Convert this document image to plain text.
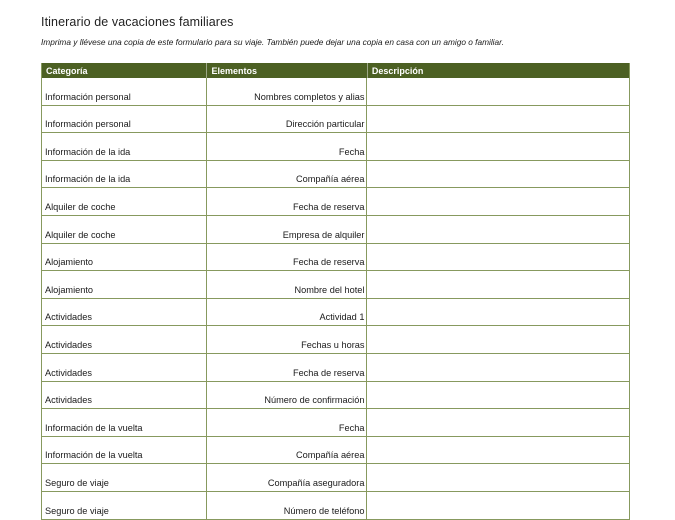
Itinerario de vacaciones familiares
Imprima y llévese una copia de este formulario para su viaje. También puede dejar una copia en casa con un amigo o familiar.
Categoría	Elementos	Descripción
Información personal	Nombres completos y alias
Información personal	Dirección particular
Información de la ida	Fecha
Información de la ida	Compañía aérea
Alquiler de coche	Fecha de reserva
Alquiler de coche	Empresa de alquiler
Alojamiento	Fecha de reserva
Alojamiento	Nombre del hotel
Actividades	Actividad 1
Actividades	Fechas u horas
Actividades	Fecha de reserva
Actividades	Número de confirmación
Información de la vuelta	Fecha
Información de la vuelta	Compañía aérea
Seguro de viaje	Compañía aseguradora
Seguro de viaje	Número de teléfono
